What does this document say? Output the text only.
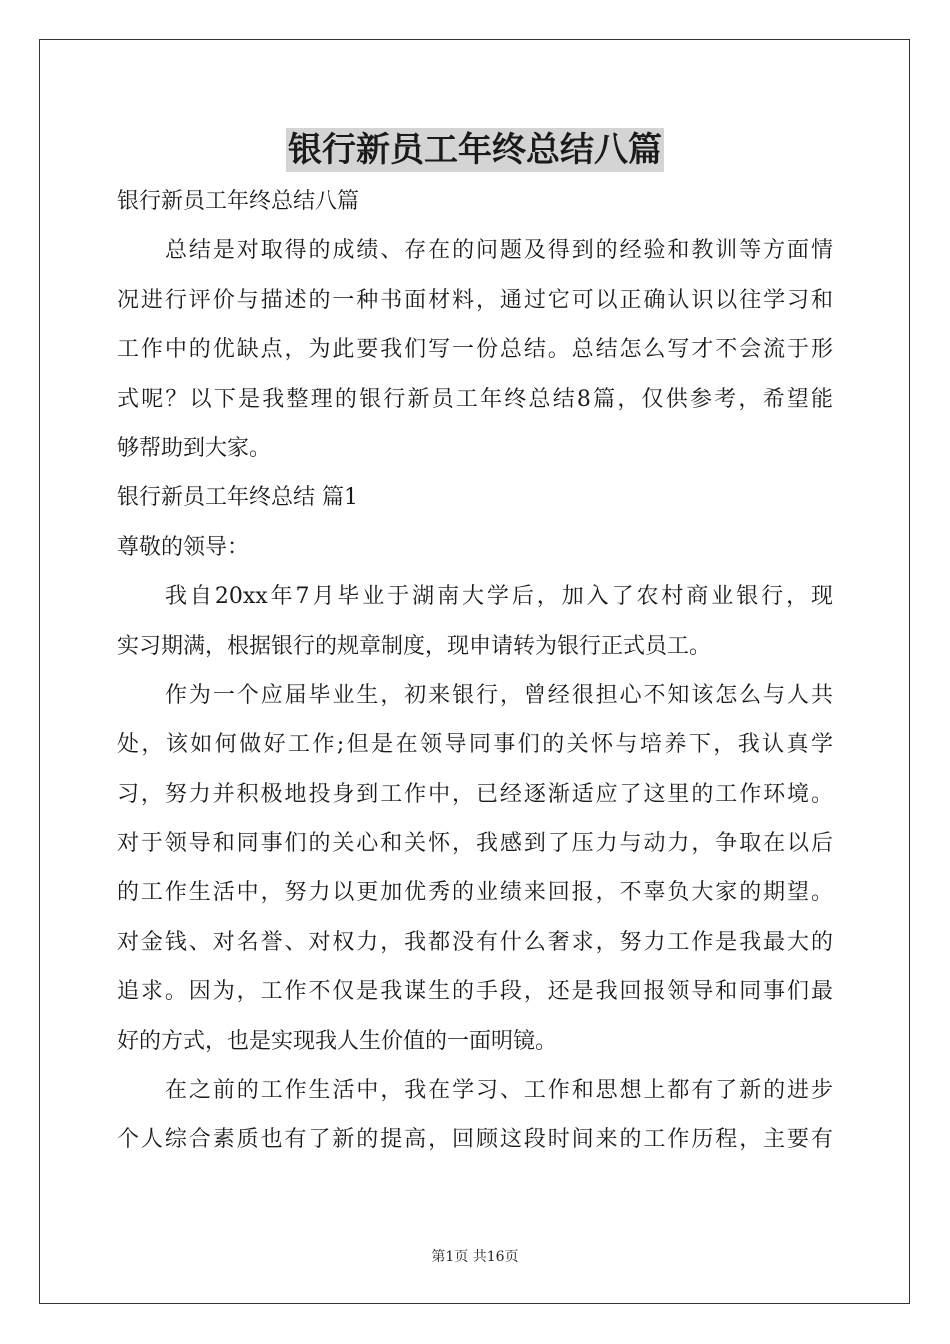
银行新员工年终总结八篇
银行新员工年终总结八篇
总结是对取得的成绩、存在的问题及得到的经验和教训等方面情
况进行评价与描述的一种书面材料，通过它可以正确认识以往学习和
工作中的优缺点，为此要我们写一份总结。总结怎么写才不会流于形
式呢？以下是我整理的银行新员工年终总结8篇，仅供参考，希望能
够帮助到大家。
银行新员工年终总结 篇1
尊敬的领导：
我自20xx年7月毕业于湖南大学后，加入了农村商业银行，现
实习期满，根据银行的规章制度，现申请转为银行正式员工。
作为一个应届毕业生，初来银行，曾经很担心不知该怎么与人共
处，该如何做好工作;但是在领导同事们的关怀与培养下，我认真学
习，努力并积极地投身到工作中，已经逐渐适应了这里的工作环境。
对于领导和同事们的关心和关怀，我感到了压力与动力，争取在以后
的工作生活中，努力以更加优秀的业绩来回报，不辜负大家的期望。
对金钱、对名誉、对权力，我都没有什么奢求，努力工作是我最大的
追求。因为，工作不仅是我谋生的手段，还是我回报领导和同事们最
好的方式，也是实现我人生价值的一面明镜。
在之前的工作生活中，我在学习、工作和思想上都有了新的进步
个人综合素质也有了新的提高，回顾这段时间来的工作历程，主要有
第1页 共16页
